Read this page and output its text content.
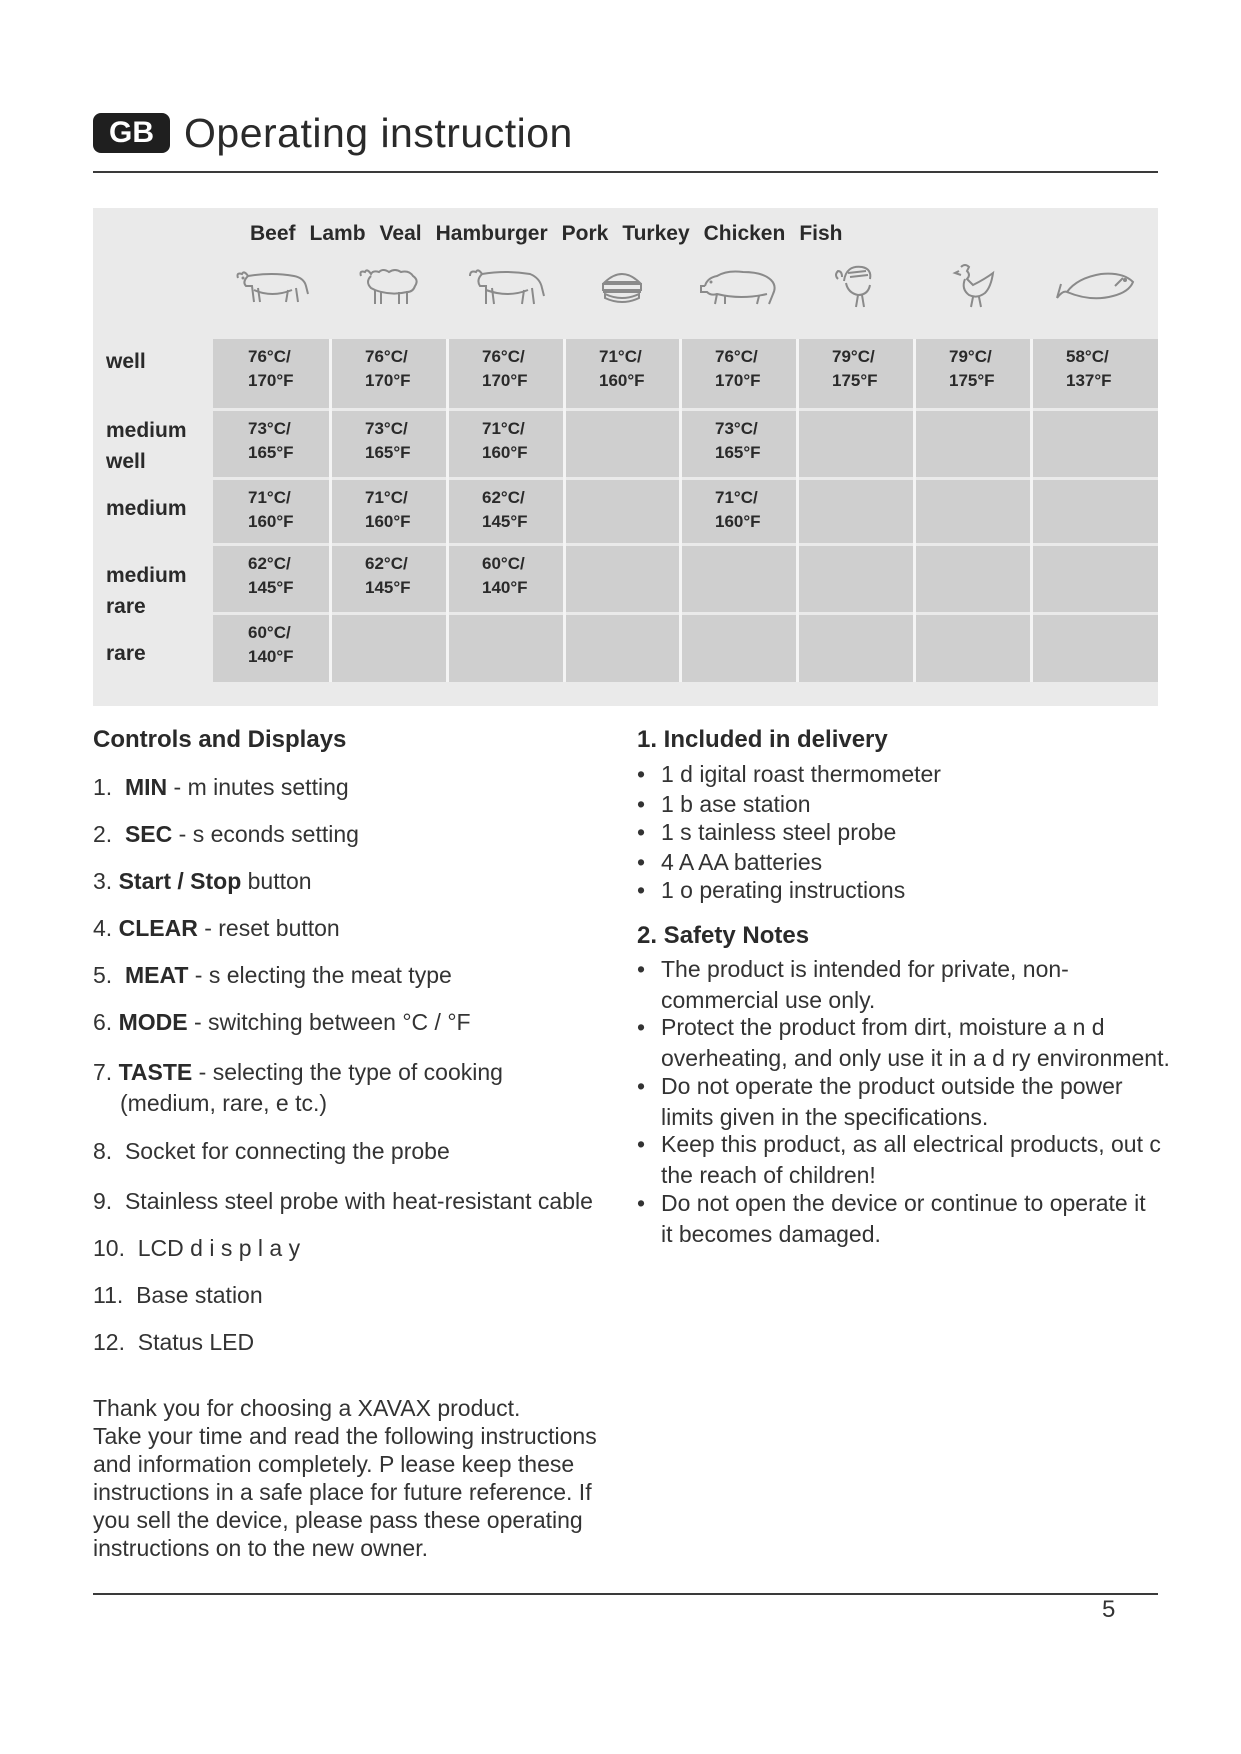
GB Operating instruction
Beef Lamb Veal Hamburger Pork Turkey Chicken Fish
well
medium
well
medium
medium
rare
rare
76°C/
170°F
76°C/
170°F
76°C/
170°F
71°C/
160°F
76°C/
170°F
79°C/
175°F
79°C/
175°F
58°C/
137°F
73°C/
165°F
73°C/
165°F
71°C/
160°F
73°C/
165°F
71°C/
160°F
71°C/
160°F
62°C/
145°F
71°C/
160°F
62°C/
145°F
62°C/
145°F
60°C/
140°F
60°C/
140°F
Controls and Displays
1. MIN - m inutes setting
2. SEC - s econds setting
3. Start / Stop button
4. CLEAR - reset button
5. MEAT - s electing the meat type
6. MODE - switching between °C / °F
7. TASTE - selecting the type of cooking
(medium, rare, e tc.)
8. Socket for connecting the probe
9. Stainless steel probe with heat-resistant cable
10. LCD d i s p l a y
11. Base station
12. Status LED
Thank you for choosing a XAVAX product.
Take your time and read the following instructions
and information completely. P lease keep these
instructions in a safe place for future reference. If
you sell the device, please pass these operating
instructions on to the new owner.
1. Included in delivery
• 1 d igital roast thermometer
• 1 b ase station
• 1 s tainless steel probe
• 4 A AA batteries
• 1 o perating instructions
2. Safety Notes
• The product is intended for private, non-
commercial use only.
• Protect the product from dirt, moisture a n d
overheating, and only use it in a d ry environment.
• Do not operate the product outside the power
limits given in the specifications.
• Keep this product, as all electrical products, out c
the reach of children!
• Do not open the device or continue to operate it
it becomes damaged.
5
